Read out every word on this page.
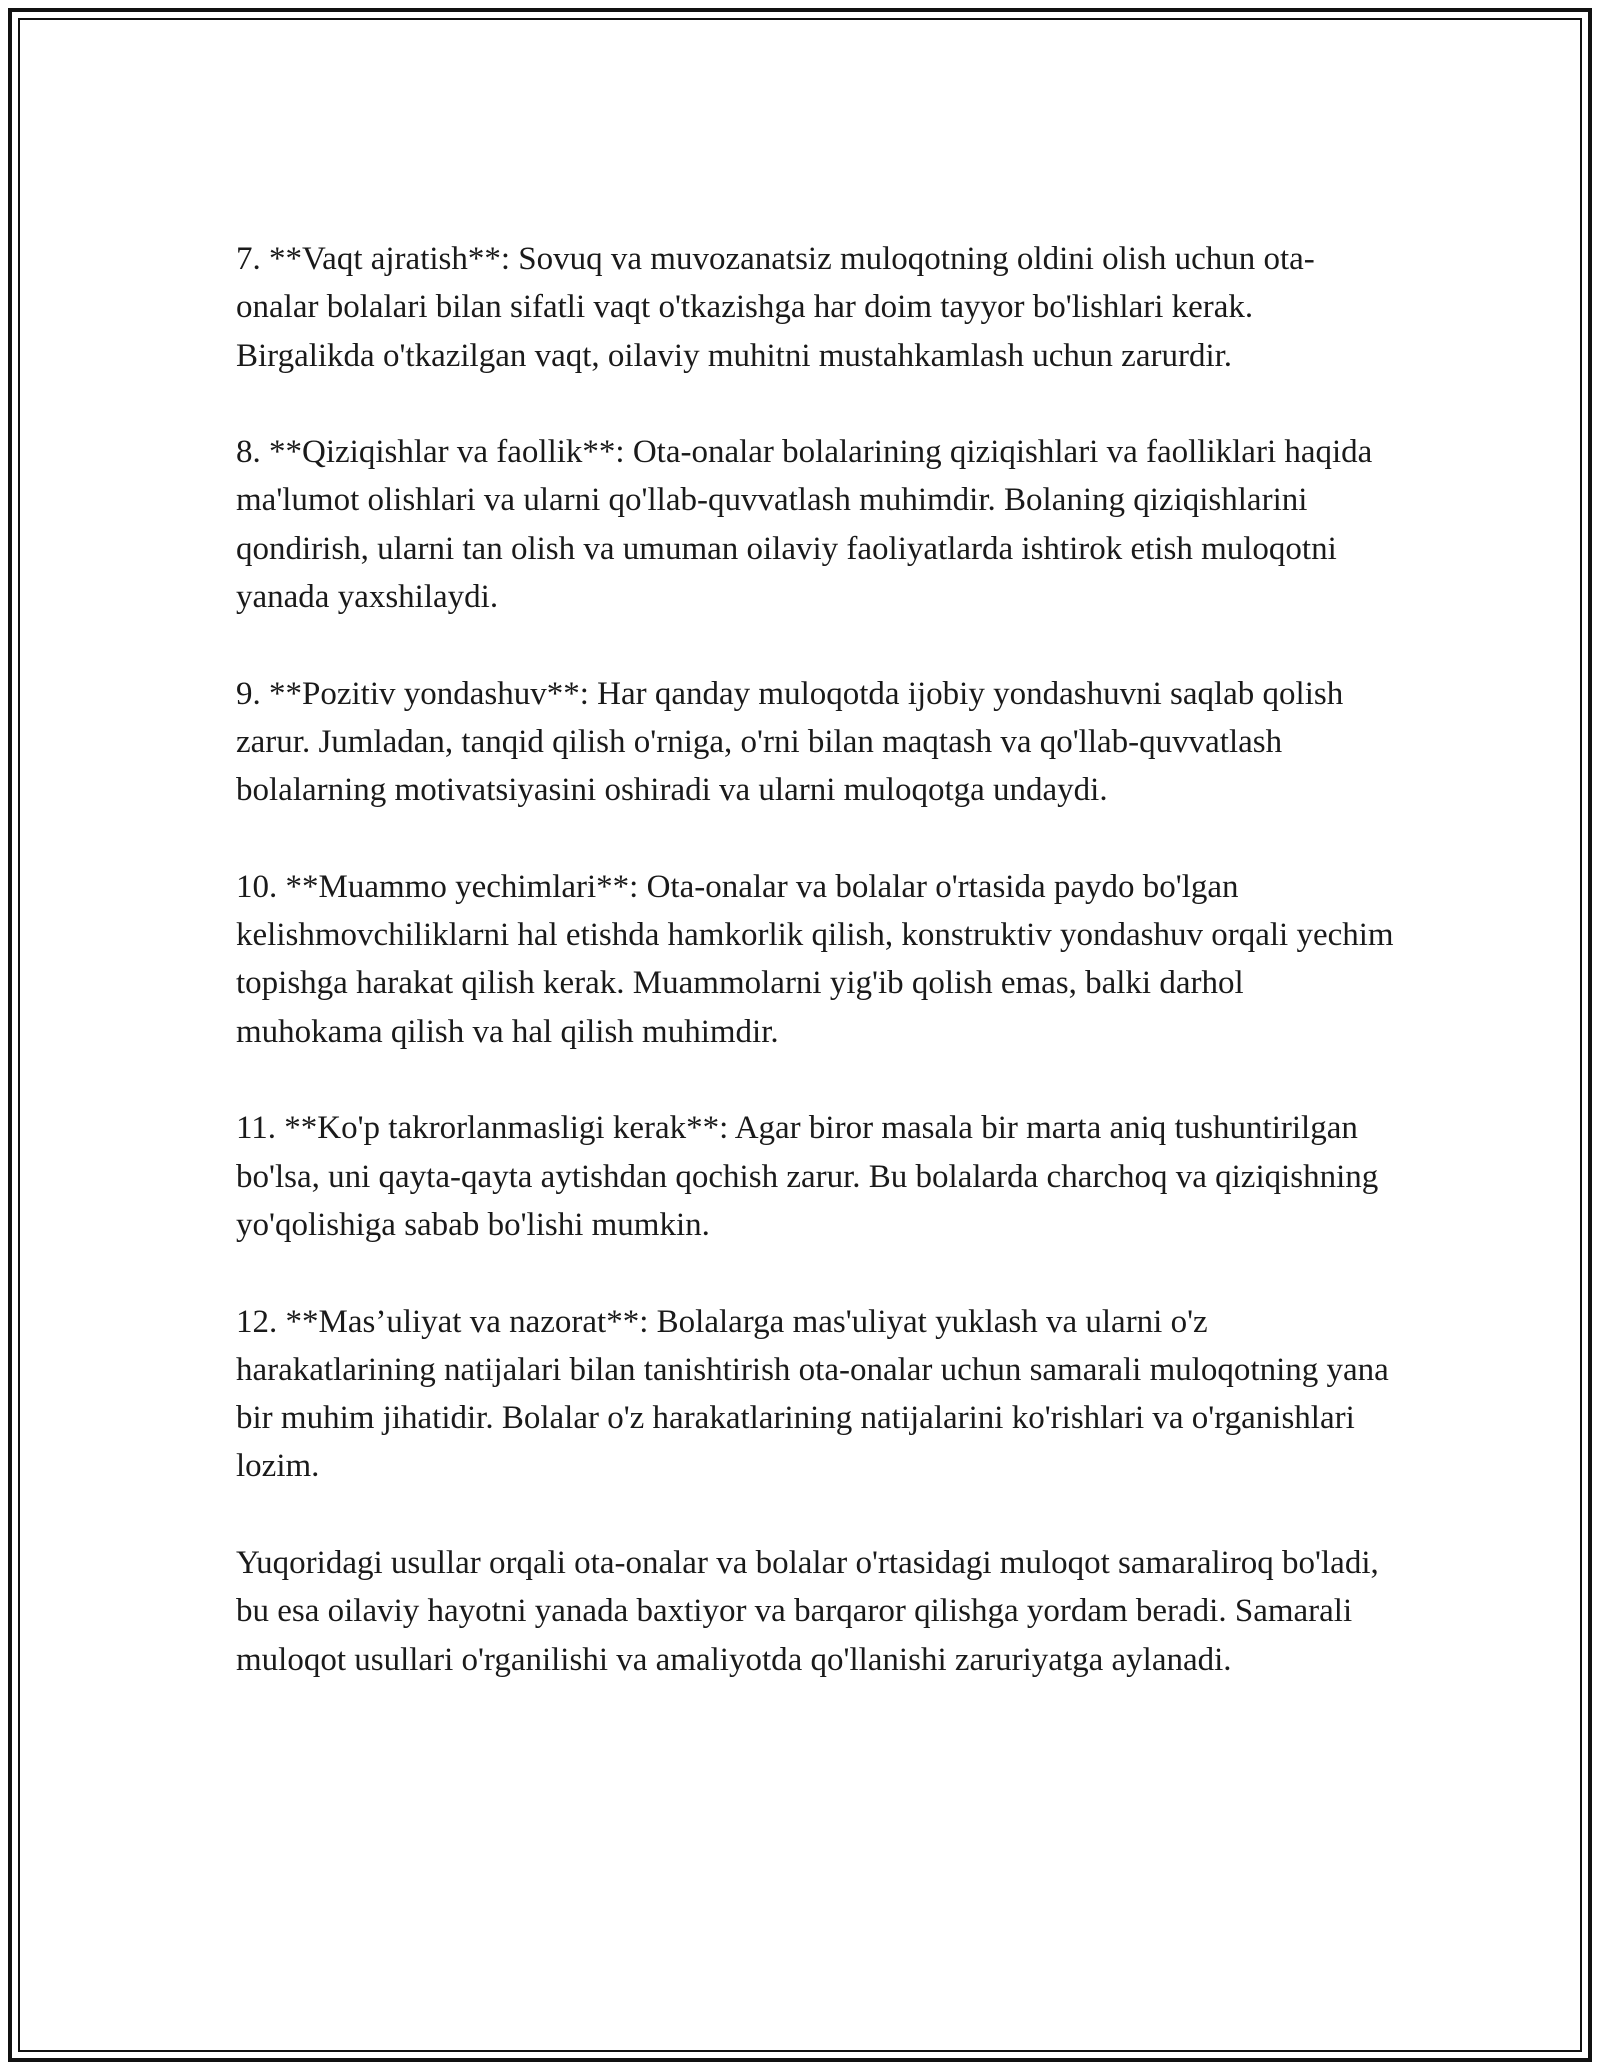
7. **Vaqt ajratish**: Sovuq va muvozanatsiz muloqotning oldini olish uchun ota-onalar bolalari bilan sifatli vaqt o'tkazishga har doim tayyor bo'lishlari kerak. Birgalikda o'tkazilgan vaqt, oilaviy muhitni mustahkamlash uchun zarurdir.

8. **Qiziqishlar va faollik**: Ota-onalar bolalarining qiziqishlari va faolliklari haqida ma'lumot olishlari va ularni qo'llab-quvvatlash muhimdir. Bolaning qiziqishlarini qondirish, ularni tan olish va umuman oilaviy faoliyatlarda ishtirok etish muloqotni yanada yaxshilaydi.

9. **Pozitiv yondashuv**: Har qanday muloqotda ijobiy yondashuvni saqlab qolish zarur. Jumladan, tanqid qilish o'rniga, o'rni bilan maqtash va qo'llab-quvvatlash bolalarning motivatsiyasini oshiradi va ularni muloqotga undaydi.

10. **Muammo yechimlari**: Ota-onalar va bolalar o'rtasida paydo bo'lgan kelishmovchiliklarni hal etishda hamkorlik qilish, konstruktiv yondashuv orqali yechim topishga harakat qilish kerak. Muammolarni yig'ib qolish emas, balki darhol muhokama qilish va hal qilish muhimdir.

11. **Ko'p takrorlanmasligi kerak**: Agar biror masala bir marta aniq tushuntirilgan bo'lsa, uni qayta-qayta aytishdan qochish zarur. Bu bolalarda charchoq va qiziqishning yo'qolishiga sabab bo'lishi mumkin.

12. **Mas’uliyat va nazorat**: Bolalarga mas'uliyat yuklash va ularni o'z harakatlarining natijalari bilan tanishtirish ota-onalar uchun samarali muloqotning yana bir muhim jihatidir. Bolalar o'z harakatlarining natijalarini ko'rishlari va o'rganishlari lozim.

Yuqoridagi usullar orqali ota-onalar va bolalar o'rtasidagi muloqot samaraliroq bo'ladi, bu esa oilaviy hayotni yanada baxtiyor va barqaror qilishga yordam beradi. Samarali muloqot usullari o'rganilishi va amaliyotda qo'llanishi zaruriyatga aylanadi.
